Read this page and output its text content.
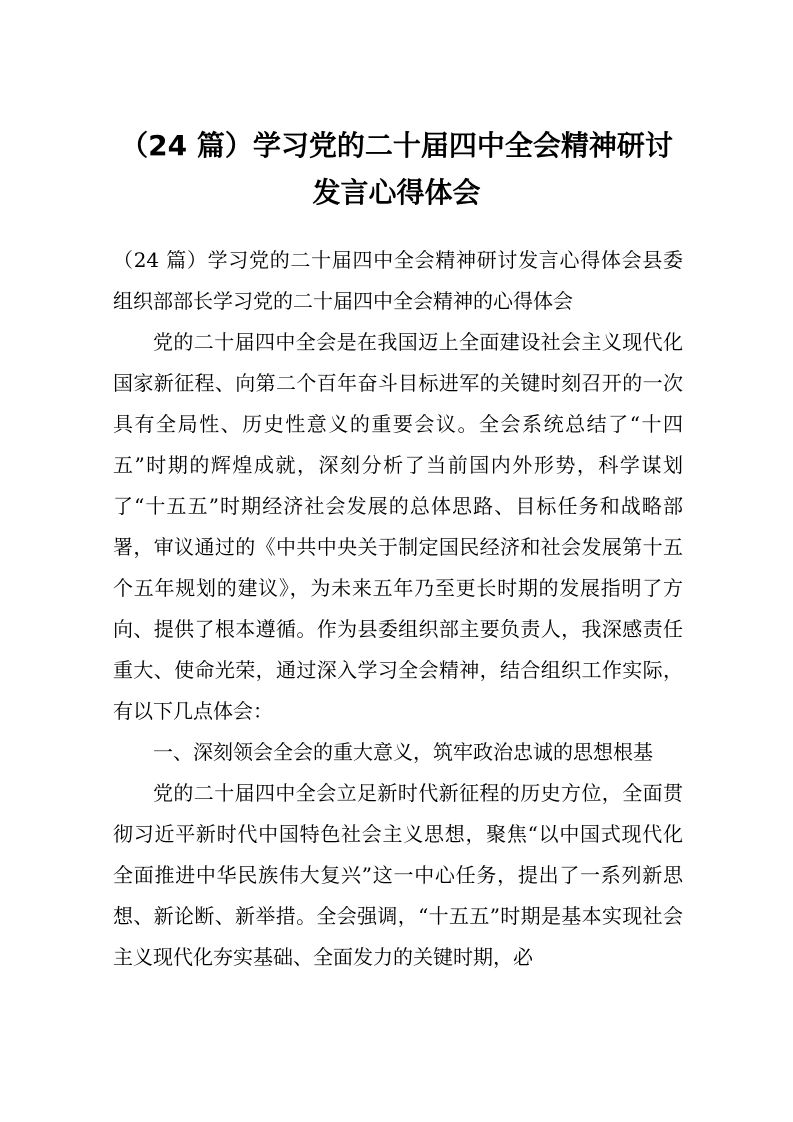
（24 篇）学习党的二十届四中全会精神研讨
发言心得体会

（24 篇）学习党的二十届四中全会精神研讨发言心得体会县委组织部部长学习党的二十届四中全会精神的心得体会

党的二十届四中全会是在我国迈上全面建设社会主义现代化国家新征程、向第二个百年奋斗目标进军的关键时刻召开的一次具有全局性、历史性意义的重要会议。全会系统总结了“十四五”时期的辉煌成就，深刻分析了当前国内外形势，科学谋划了“十五五”时期经济社会发展的总体思路、目标任务和战略部署，审议通过的《中共中央关于制定国民经济和社会发展第十五个五年规划的建议》，为未来五年乃至更长时期的发展指明了方向、提供了根本遵循。作为县委组织部主要负责人，我深感责任重大、使命光荣，通过深入学习全会精神，结合组织工作实际，有以下几点体会：

一、深刻领会全会的重大意义，筑牢政治忠诚的思想根基

党的二十届四中全会立足新时代新征程的历史方位，全面贯彻习近平新时代中国特色社会主义思想，聚焦“以中国式现代化全面推进中华民族伟大复兴”这一中心任务，提出了一系列新思想、新论断、新举措。全会强调，“十五五”时期是基本实现社会主义现代化夯实基础、全面发力的关键时期，必
